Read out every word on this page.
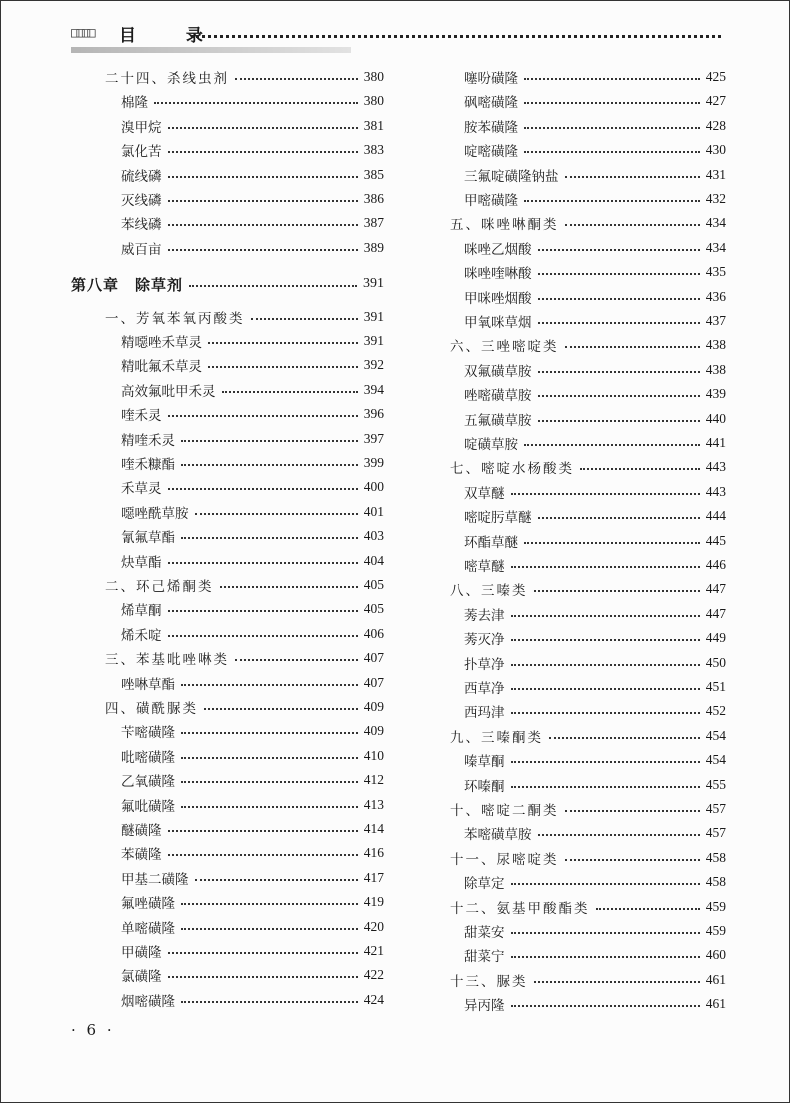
□□□□ 目 录
二十四、杀线虫剂	380
棉隆	380
溴甲烷	381
氯化苦	383
硫线磷	385
灭线磷	386
苯线磷	387
威百亩	389
第八章　除草剂	391
一、芳氧苯氧丙酸类	391
精噁唑禾草灵	391
精吡氟禾草灵	392
高效氟吡甲禾灵	394
喹禾灵	396
精喹禾灵	397
喹禾糠酯	399
禾草灵	400
噁唑酰草胺	401
氰氟草酯	403
炔草酯	404
二、环己烯酮类	405
烯草酮	405
烯禾啶	406
三、苯基吡唑啉类	407
唑啉草酯	407
四、磺酰脲类	409
苄嘧磺隆	409
吡嘧磺隆	410
乙氧磺隆	412
氟吡磺隆	413
醚磺隆	414
苯磺隆	416
甲基二磺隆	417
氟唑磺隆	419
单嘧磺隆	420
甲磺隆	421
氯磺隆	422
烟嘧磺隆	424
噻吩磺隆	425
砜嘧磺隆	427
胺苯磺隆	428
啶嘧磺隆	430
三氟啶磺隆钠盐	431
甲嘧磺隆	432
五、咪唑啉酮类	434
咪唑乙烟酸	434
咪唑喹啉酸	435
甲咪唑烟酸	436
甲氧咪草烟	437
六、三唑嘧啶类	438
双氟磺草胺	438
唑嘧磺草胺	439
五氟磺草胺	440
啶磺草胺	441
七、嘧啶水杨酸类	443
双草醚	443
嘧啶肟草醚	444
环酯草醚	445
嘧草醚	446
八、三嗪类	447
莠去津	447
莠灭净	449
扑草净	450
西草净	451
西玛津	452
九、三嗪酮类	454
嗪草酮	454
环嗪酮	455
十、嘧啶二酮类	457
苯嘧磺草胺	457
十一、尿嘧啶类	458
除草定	458
十二、氨基甲酸酯类	459
甜菜安	459
甜菜宁	460
十三、脲类	461
异丙隆	461
· 6 ·
